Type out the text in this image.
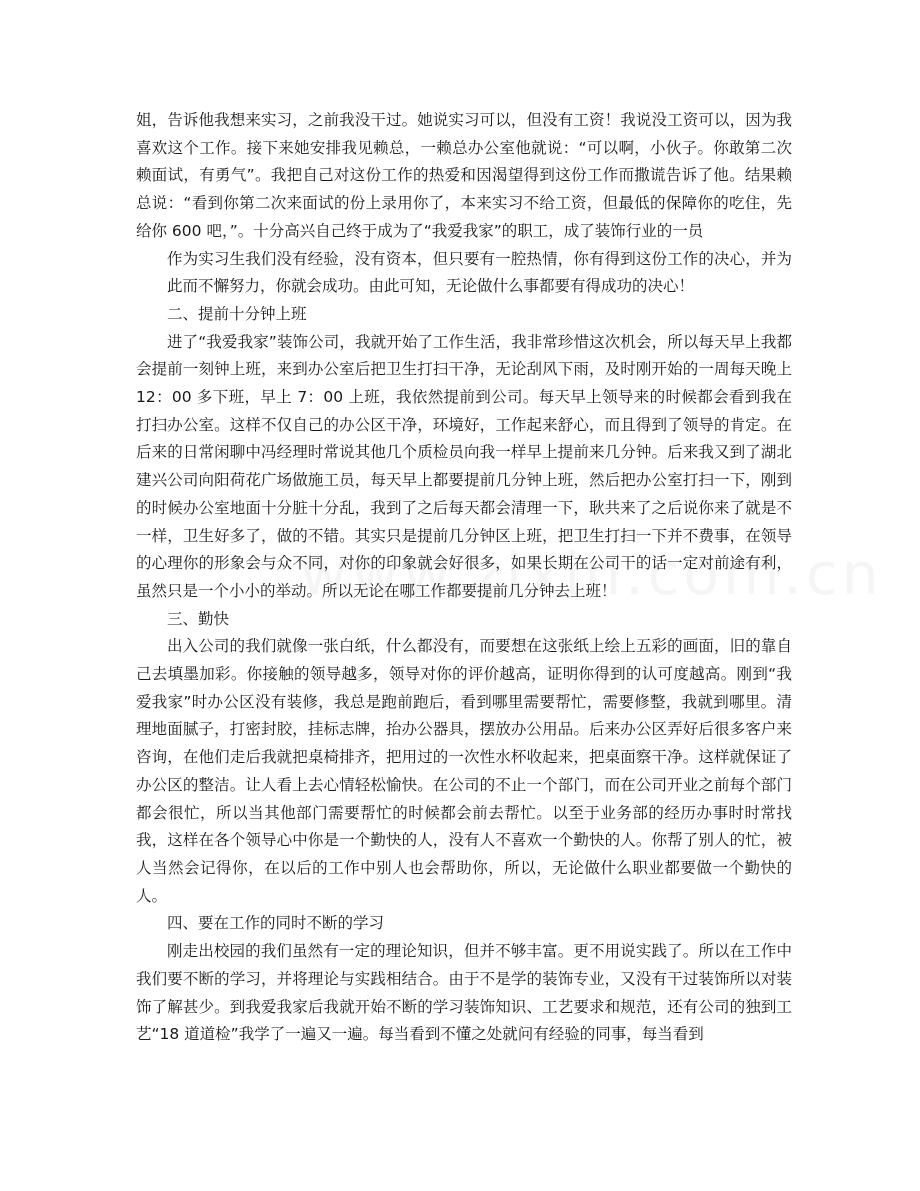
姐，告诉他我想来实习，之前我没干过。她说实习可以，但没有工资！我说没工资可以，因为我喜欢这个工作。接下来她安排我见赖总，一赖总办公室他就说：“可以啊，小伙子。你敢第二次赖面试，有勇气”。我把自己对这份工作的热爱和因渴望得到这份工作而撒谎告诉了他。结果赖总说：“看到你第二次来面试的份上录用你了，本来实习不给工资，但最低的保障你的吃住，先给你 600 吧，”。十分高兴自己终于成为了“我爱我家”的职工，成了装饰行业的一员

作为实习生我们没有经验，没有资本，但只要有一腔热情，你有得到这份工作的决心，并为此而不懈努力，你就会成功。由此可知，无论做什么事都要有得成功的决心！

二、提前十分钟上班

进了“我爱我家”装饰公司，我就开始了工作生活，我非常珍惜这次机会，所以每天早上我都会提前一刻钟上班，来到办公室后把卫生打扫干净，无论刮风下雨，及时刚开始的一周每天晚上 12：00 多下班，早上 7：00 上班，我依然提前到公司。每天早上领导来的时候都会看到我在打扫办公室。这样不仅自己的办公区干净，环境好，工作起来舒心，而且得到了领导的肯定。在后来的日常闲聊中冯经理时常说其他几个质检员向我一样早上提前来几分钟。后来我又到了湖北建兴公司向阳荷花广场做施工员，每天早上都要提前几分钟上班，然后把办公室打扫一下，刚到的时候办公室地面十分脏十分乱，我到了之后每天都会清理一下，耿共来了之后说你来了就是不一样，卫生好多了，做的不错。其实只是提前几分钟区上班，把卫生打扫一下并不费事，在领导的心理你的形象会与众不同，对你的印象就会好很多，如果长期在公司干的话一定对前途有利，虽然只是一个小小的举动。所以无论在哪工作都要提前几分钟去上班！

三、勤快

出入公司的我们就像一张白纸，什么都没有，而要想在这张纸上绘上五彩的画面，旧的靠自己去填墨加彩。你接触的领导越多，领导对你的评价越高，证明你得到的认可度越高。刚到“我爱我家”时办公区没有装修，我总是跑前跑后，看到哪里需要帮忙，需要修整，我就到哪里。清理地面腻子，打密封胶，挂标志牌，抬办公器具，摆放办公用品。后来办公区弄好后很多客户来咨询，在他们走后我就把桌椅排齐，把用过的一次性水杯收起来，把桌面察干净。这样就保证了办公区的整洁。让人看上去心情轻松愉快。在公司的不止一个部门，而在公司开业之前每个部门都会很忙，所以当其他部门需要帮忙的时候都会前去帮忙。以至于业务部的经历办事时时常找我，这样在各个领导心中你是一个勤快的人，没有人不喜欢一个勤快的人。你帮了别人的忙，被人当然会记得你，在以后的工作中别人也会帮助你，所以，无论做什么职业都要做一个勤快的人。

四、要在工作的同时不断的学习

刚走出校园的我们虽然有一定的理论知识，但并不够丰富。更不用说实践了。所以在工作中我们要不断的学习，并将理论与实践相结合。由于不是学的装饰专业，又没有干过装饰所以对装饰了解甚少。到我爱我家后我就开始不断的学习装饰知识、工艺要求和规范，还有公司的独到工艺“18 道道检”我学了一遍又一遍。每当看到不懂之处就问有经验的同事，每当看到
